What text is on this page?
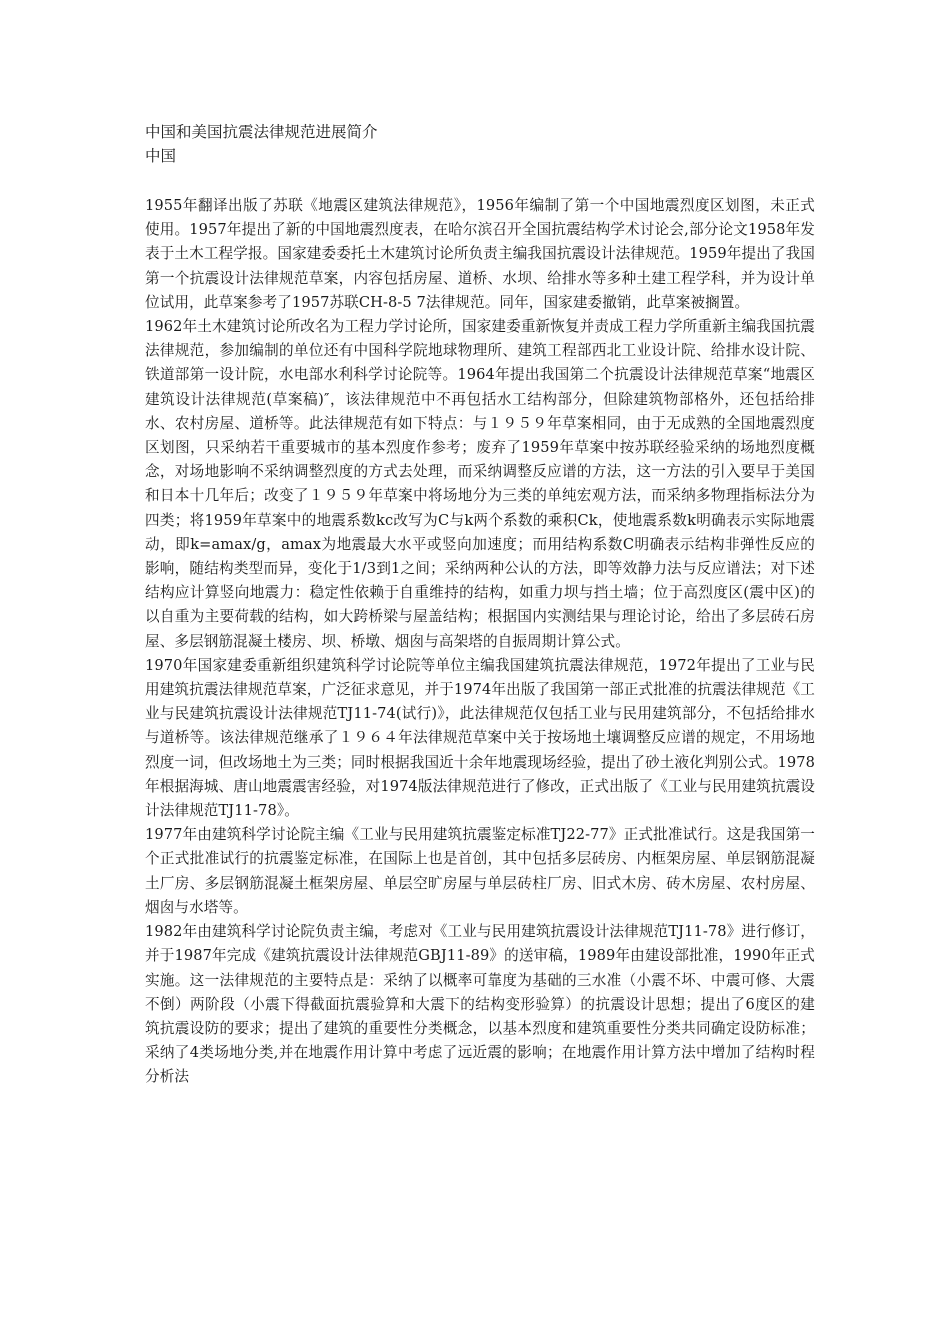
中国和美国抗震法律规范进展简介
中国

1955年翻译出版了苏联《地震区建筑法律规范》，1956年编制了第一个中国地震烈度区划图，未正式使用。1957年提出了新的中国地震烈度表，在哈尔滨召开全国抗震结构学术讨论会,部分论文1958年发表于土木工程学报。国家建委委托土木建筑讨论所负责主编我国抗震设计法律规范。1959年提出了我国第一个抗震设计法律规范草案，内容包括房屋、道桥、水坝、给排水等多种土建工程学科，并为设计单位试用，此草案参考了1957苏联CH-8-5 7法律规范。同年，国家建委撤销，此草案被搁置。

1962年土木建筑讨论所改名为工程力学讨论所，国家建委重新恢复并责成工程力学所重新主编我国抗震法律规范，参加编制的单位还有中国科学院地球物理所、建筑工程部西北工业设计院、给排水设计院、铁道部第一设计院，水电部水利科学讨论院等。1964年提出我国第二个抗震设计法律规范草案“地震区建筑设计法律规范(草案稿)″，该法律规范中不再包括水工结构部分，但除建筑物部格外，还包括给排水、农村房屋、道桥等。此法律规范有如下特点：与１９５９年草案相同，由于无成熟的全国地震烈度区划图，只采纳若干重要城市的基本烈度作参考；废弃了1959年草案中按苏联经验采纳的场地烈度概念，对场地影响不采纳调整烈度的方式去处理，而采纳调整反应谱的方法，这一方法的引入要早于美国和日本十几年后；改变了１９５９年草案中将场地分为三类的单纯宏观方法，而采纳多物理指标法分为四类；将1959年草案中的地震系数kc改写为C与k两个系数的乘积Ck，使地震系数k明确表示实际地震动，即k=amax/g，amax为地震最大水平或竖向加速度；而用结构系数C明确表示结构非弹性反应的影响，随结构类型而异，变化于1/3到1之间；采纳两种公认的方法，即等效静力法与反应谱法；对下述结构应计算竖向地震力：稳定性依赖于自重维持的结构，如重力坝与挡土墙；位于高烈度区(震中区)的以自重为主要荷载的结构，如大跨桥梁与屋盖结构；根据国内实测结果与理论讨论，给出了多层砖石房屋、多层钢筋混凝土楼房、坝、桥墩、烟囱与高架塔的自振周期计算公式。

1970年国家建委重新组织建筑科学讨论院等单位主编我国建筑抗震法律规范，1972年提出了工业与民用建筑抗震法律规范草案，广泛征求意见，并于1974年出版了我国第一部正式批准的抗震法律规范《工业与民建筑抗震设计法律规范TJ11-74(试行)》，此法律规范仅包括工业与民用建筑部分，不包括给排水与道桥等。该法律规范继承了１９６４年法律规范草案中关于按场地土壤调整反应谱的规定，不用场地烈度一词，但改场地土为三类；同时根据我国近十余年地震现场经验，提出了砂土液化判别公式。1978年根据海城、唐山地震震害经验，对1974版法律规范进行了修改，正式出版了《工业与民用建筑抗震设计法律规范TJ11-78》。

1977年由建筑科学讨论院主编《工业与民用建筑抗震鉴定标准TJ22-77》正式批准试行。这是我国第一个正式批准试行的抗震鉴定标准，在国际上也是首创，其中包括多层砖房、内框架房屋、单层钢筋混凝土厂房、多层钢筋混凝土框架房屋、单层空旷房屋与单层砖柱厂房、旧式木房、砖木房屋、农村房屋、烟囱与水塔等。

1982年由建筑科学讨论院负责主编，考虑对《工业与民用建筑抗震设计法律规范TJ11-78》进行修订，并于1987年完成《建筑抗震设计法律规范GBJ11-89》的送审稿，1989年由建设部批准，1990年正式实施。这一法律规范的主要特点是：采纳了以概率可靠度为基础的三水准（小震不坏、中震可修、大震不倒）两阶段（小震下得截面抗震验算和大震下的结构变形验算）的抗震设计思想；提出了6度区的建筑抗震设防的要求；提出了建筑的重要性分类概念，以基本烈度和建筑重要性分类共同确定设防标准；采纳了4类场地分类,并在地震作用计算中考虑了远近震的影响；在地震作用计算方法中增加了结构时程分析法
